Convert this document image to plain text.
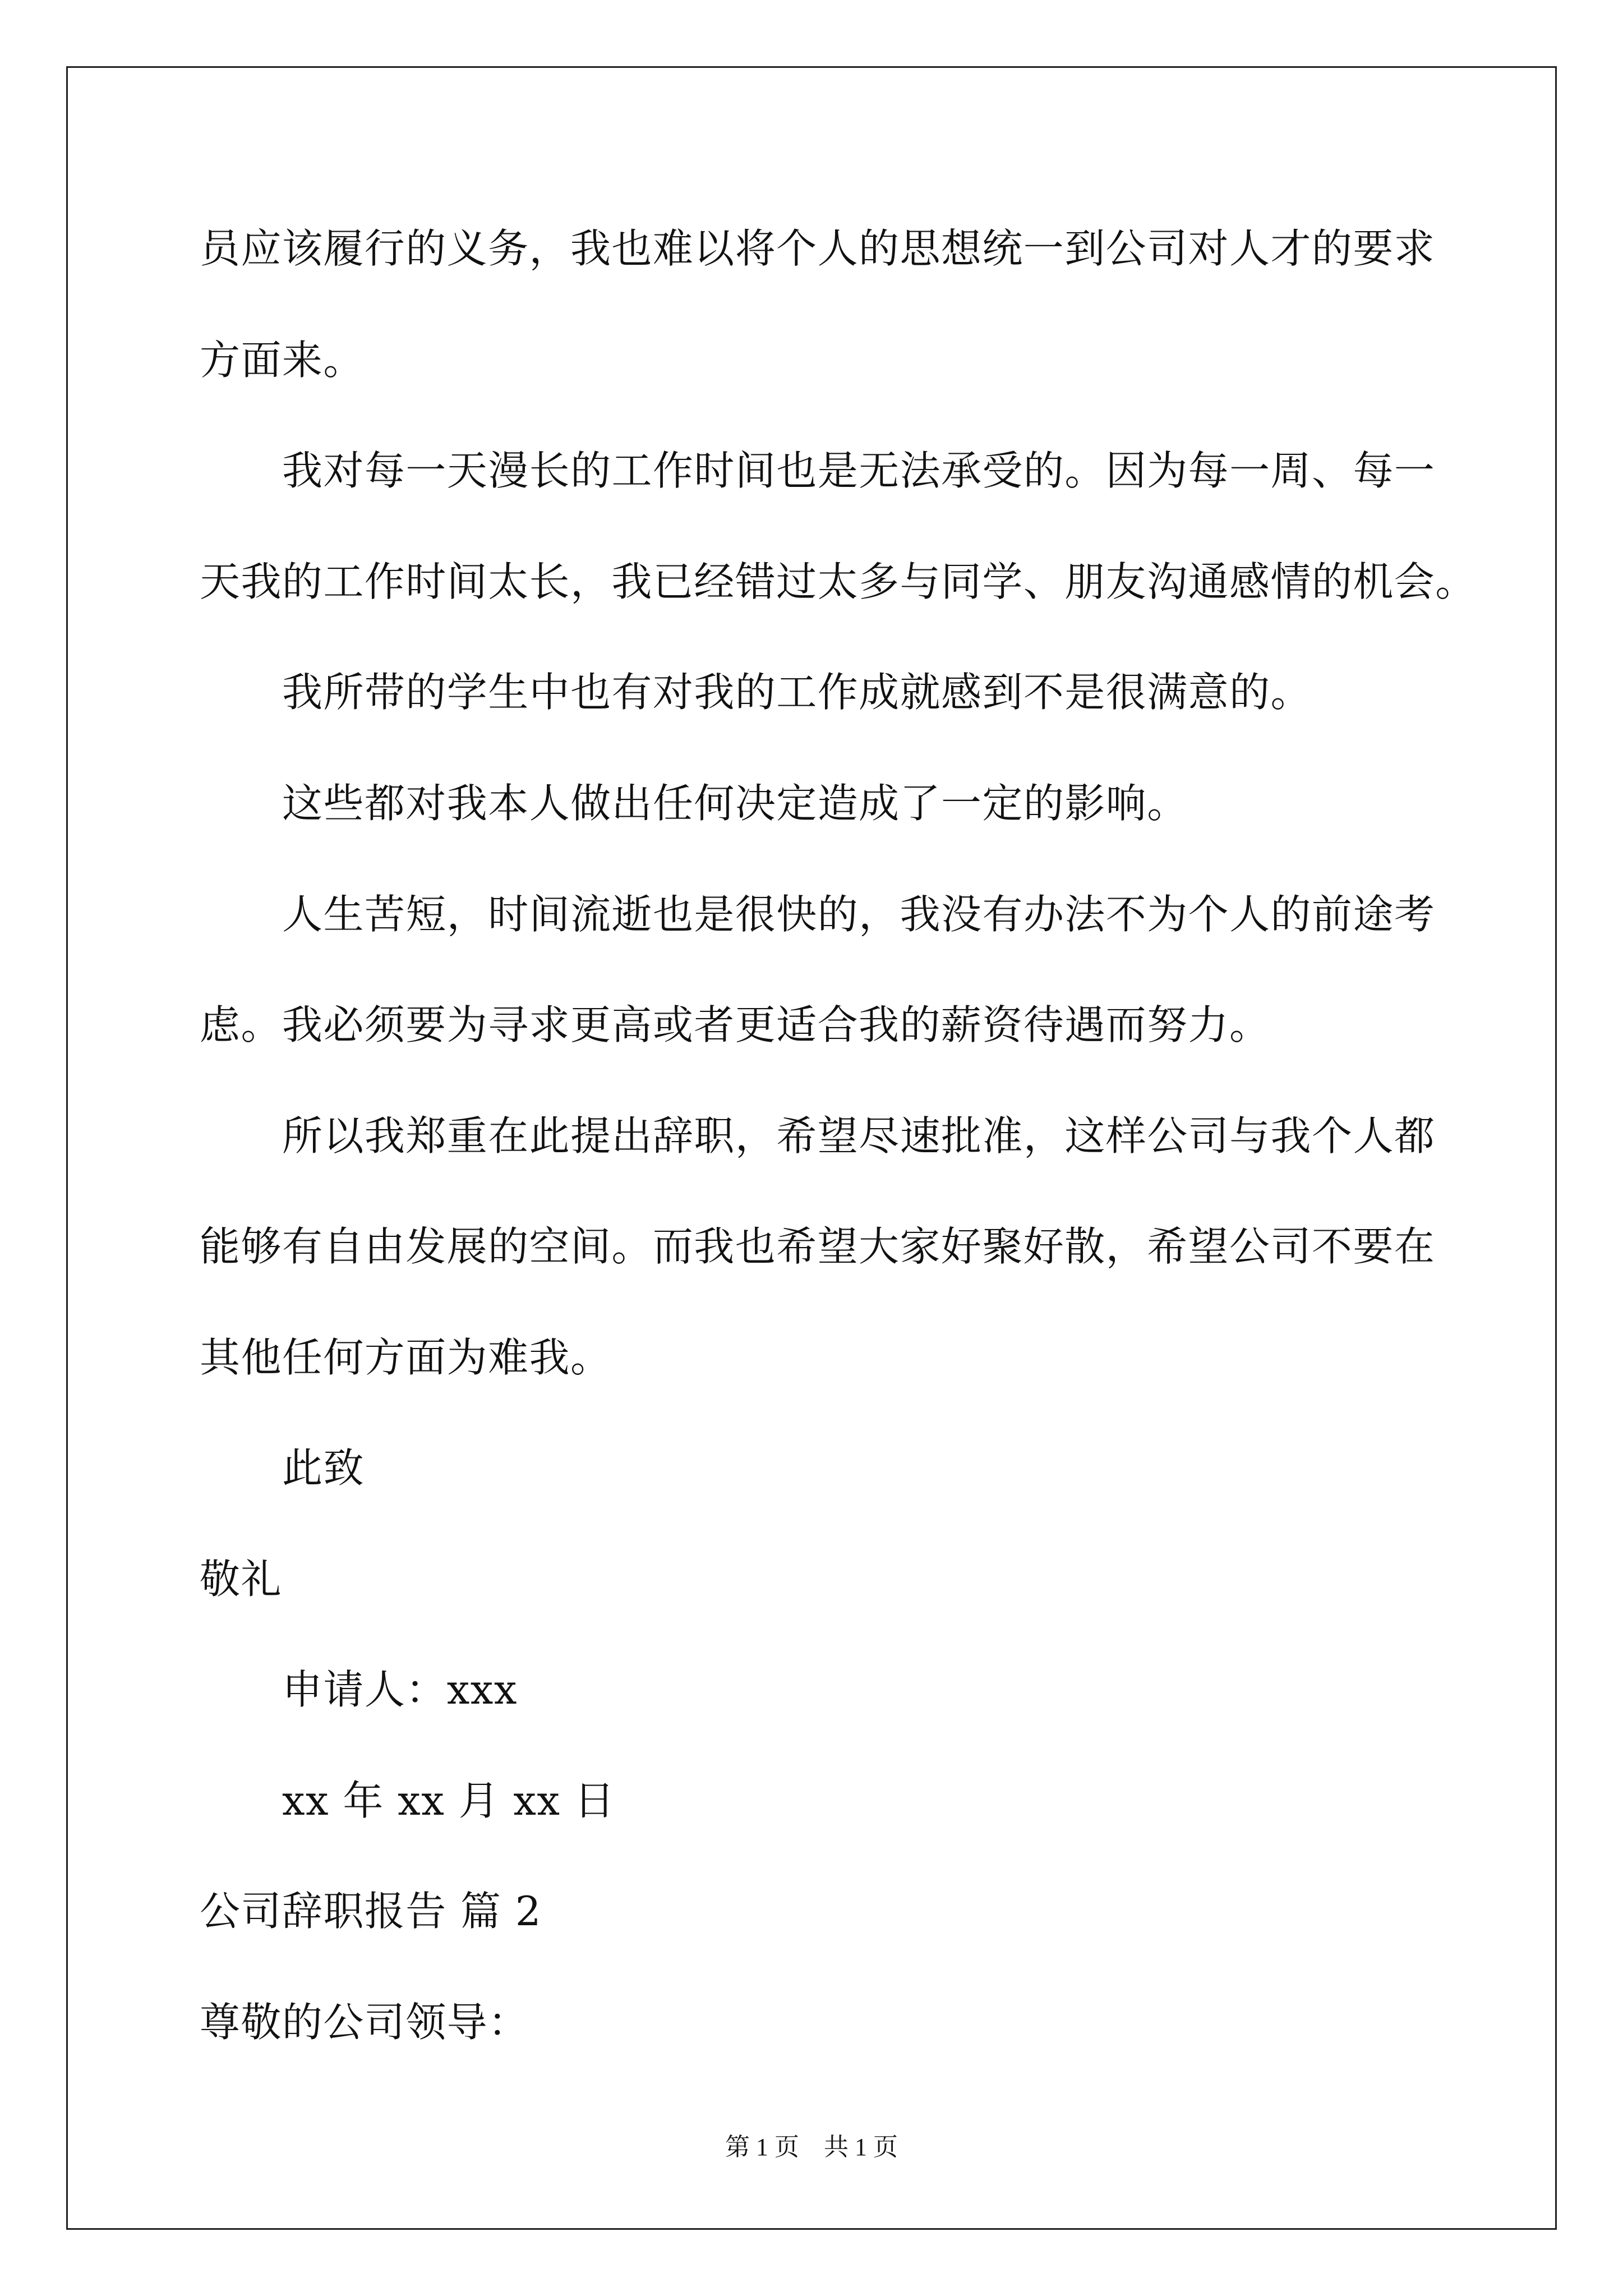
员应该履行的义务，我也难以将个人的思想统一到公司对人才的要求

方面来。

我对每一天漫长的工作时间也是无法承受的。因为每一周、每一

天我的工作时间太长，我已经错过太多与同学、朋友沟通感情的机会。

我所带的学生中也有对我的工作成就感到不是很满意的。

这些都对我本人做出任何决定造成了一定的影响。

人生苦短，时间流逝也是很快的，我没有办法不为个人的前途考

虑。我必须要为寻求更高或者更适合我的薪资待遇而努力。

所以我郑重在此提出辞职，希望尽速批准，这样公司与我个人都

能够有自由发展的空间。而我也希望大家好聚好散，希望公司不要在

其他任何方面为难我。

此致

敬礼

申请人：xxx

xx 年 xx 月 xx 日

公司辞职报告 篇 2

尊敬的公司领导：

第 1 页    共 1 页
